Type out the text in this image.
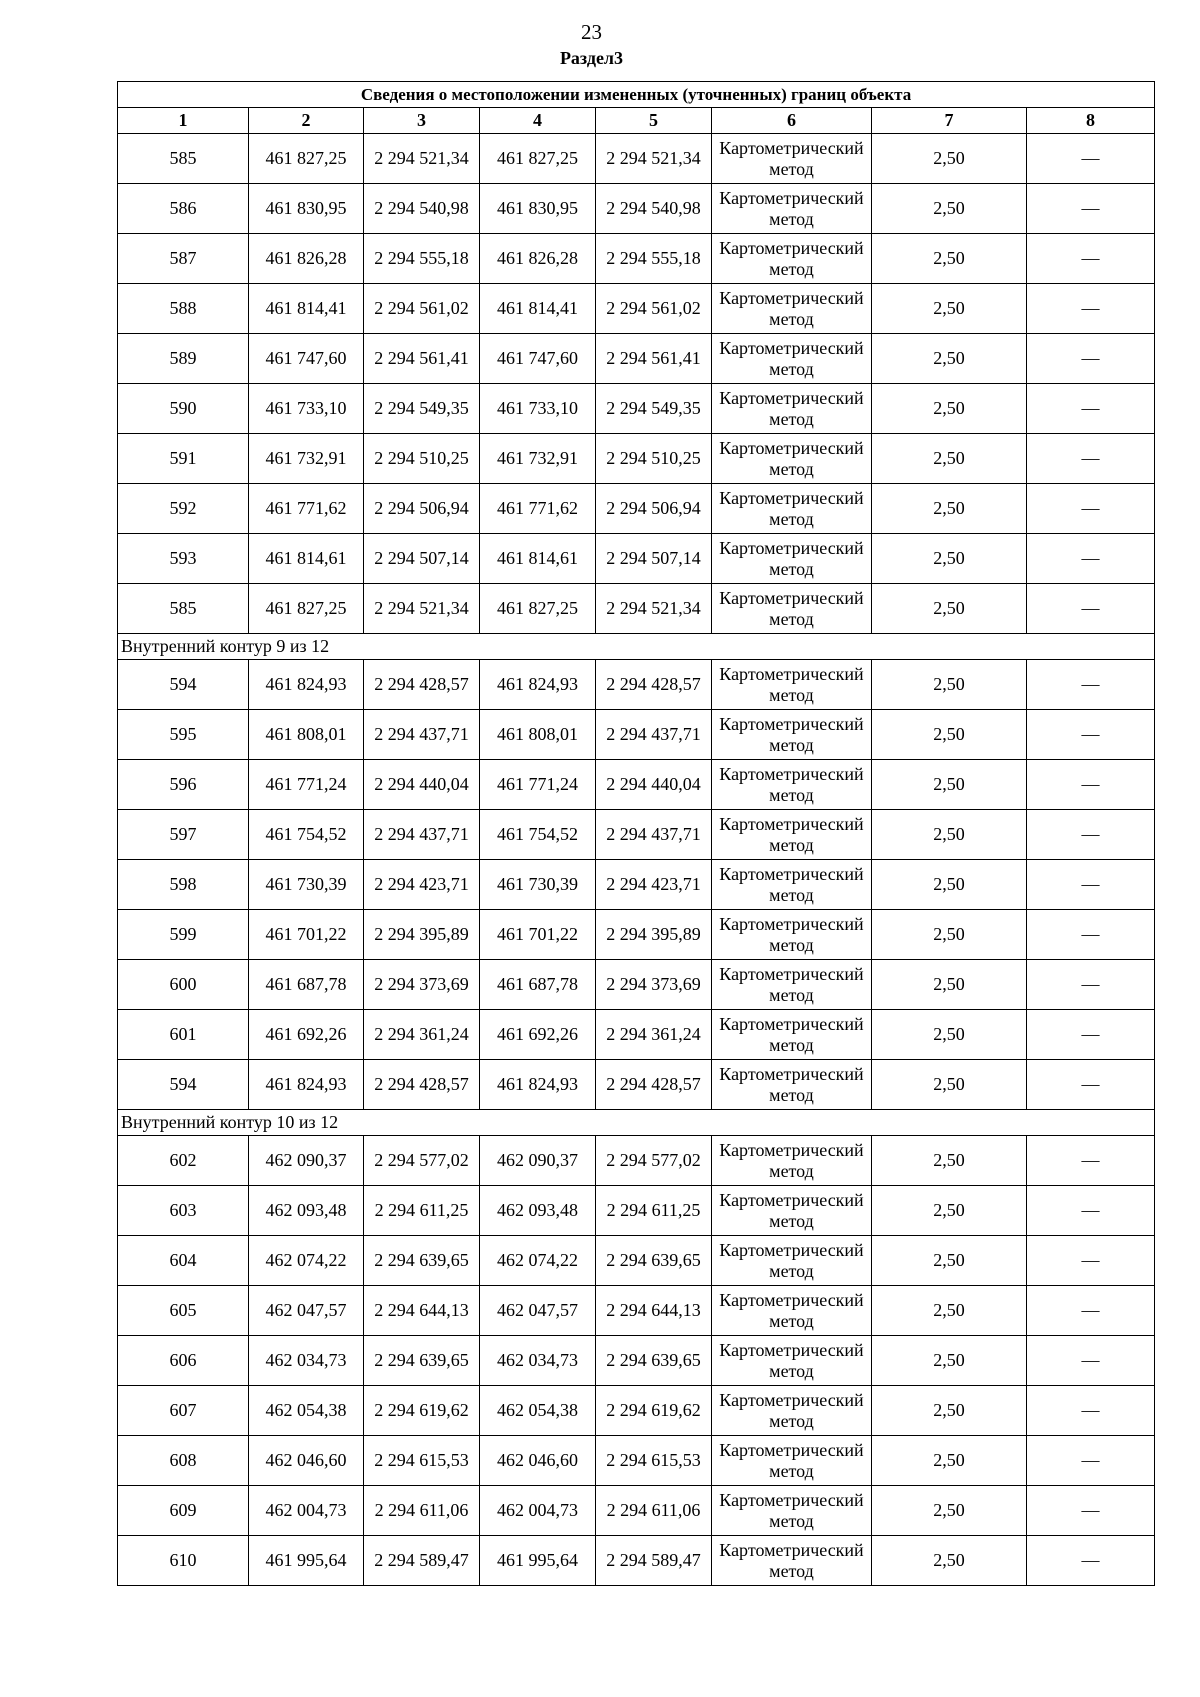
23
Раздел3
Сведения о местоположении измененных (уточненных) границ объекта							
1	2	3	4	5	6	7	8
585	461 827,25	2 294 521,34	461 827,25	2 294 521,34	Картометрический метод	2,50	—
586	461 830,95	2 294 540,98	461 830,95	2 294 540,98	Картометрический метод	2,50	—
587	461 826,28	2 294 555,18	461 826,28	2 294 555,18	Картометрический метод	2,50	—
588	461 814,41	2 294 561,02	461 814,41	2 294 561,02	Картометрический метод	2,50	—
589	461 747,60	2 294 561,41	461 747,60	2 294 561,41	Картометрический метод	2,50	—
590	461 733,10	2 294 549,35	461 733,10	2 294 549,35	Картометрический метод	2,50	—
591	461 732,91	2 294 510,25	461 732,91	2 294 510,25	Картометрический метод	2,50	—
592	461 771,62	2 294 506,94	461 771,62	2 294 506,94	Картометрический метод	2,50	—
593	461 814,61	2 294 507,14	461 814,61	2 294 507,14	Картометрический метод	2,50	—
585	461 827,25	2 294 521,34	461 827,25	2 294 521,34	Картометрический метод	2,50	—
Внутренний контур 9 из 12							
594	461 824,93	2 294 428,57	461 824,93	2 294 428,57	Картометрический метод	2,50	—
595	461 808,01	2 294 437,71	461 808,01	2 294 437,71	Картометрический метод	2,50	—
596	461 771,24	2 294 440,04	461 771,24	2 294 440,04	Картометрический метод	2,50	—
597	461 754,52	2 294 437,71	461 754,52	2 294 437,71	Картометрический метод	2,50	—
598	461 730,39	2 294 423,71	461 730,39	2 294 423,71	Картометрический метод	2,50	—
599	461 701,22	2 294 395,89	461 701,22	2 294 395,89	Картометрический метод	2,50	—
600	461 687,78	2 294 373,69	461 687,78	2 294 373,69	Картометрический метод	2,50	—
601	461 692,26	2 294 361,24	461 692,26	2 294 361,24	Картометрический метод	2,50	—
594	461 824,93	2 294 428,57	461 824,93	2 294 428,57	Картометрический метод	2,50	—
Внутренний контур 10 из 12							
602	462 090,37	2 294 577,02	462 090,37	2 294 577,02	Картометрический метод	2,50	—
603	462 093,48	2 294 611,25	462 093,48	2 294 611,25	Картометрический метод	2,50	—
604	462 074,22	2 294 639,65	462 074,22	2 294 639,65	Картометрический метод	2,50	—
605	462 047,57	2 294 644,13	462 047,57	2 294 644,13	Картометрический метод	2,50	—
606	462 034,73	2 294 639,65	462 034,73	2 294 639,65	Картометрический метод	2,50	—
607	462 054,38	2 294 619,62	462 054,38	2 294 619,62	Картометрический метод	2,50	—
608	462 046,60	2 294 615,53	462 046,60	2 294 615,53	Картометрический метод	2,50	—
609	462 004,73	2 294 611,06	462 004,73	2 294 611,06	Картометрический метод	2,50	—
610	461 995,64	2 294 589,47	461 995,64	2 294 589,47	Картометрический метод	2,50	—
